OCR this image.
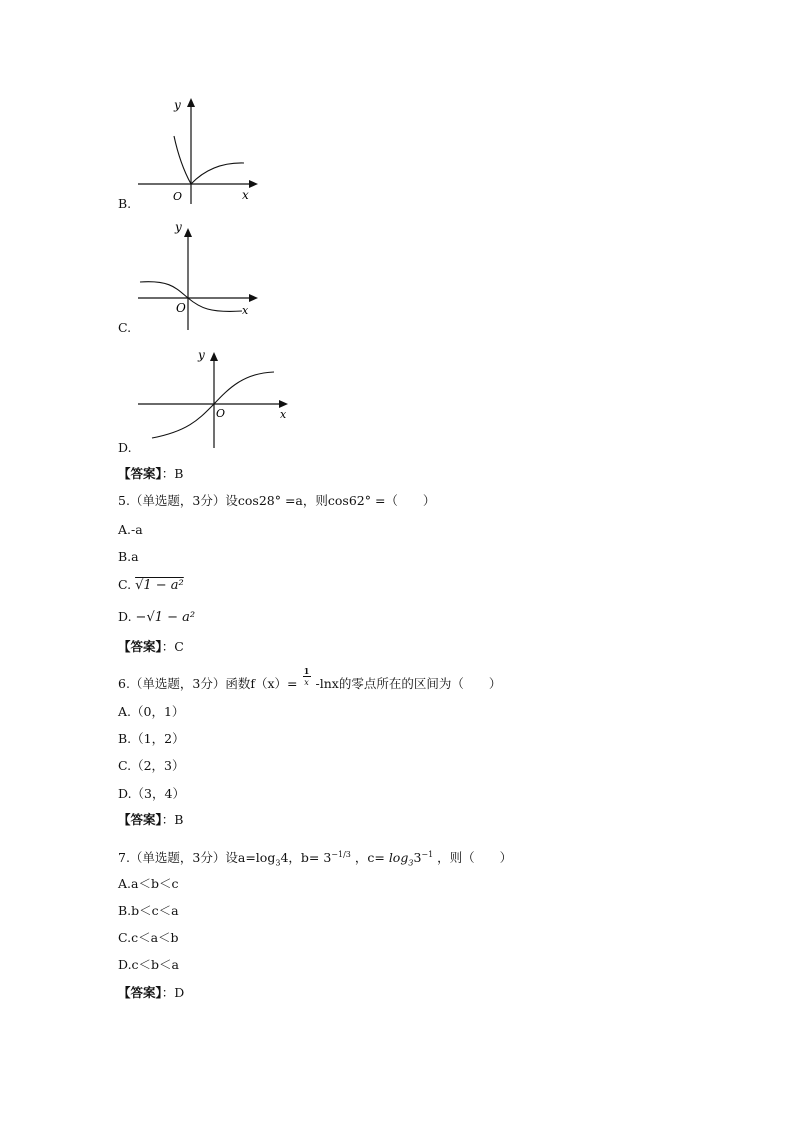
y
x
O
B.
y
x
O
C.
y
x
O
D.
【答案】：B
5.（单选题，3分）设cos28° =a，则cos62° =（　　）
A.-a
B.a
C. √1 − a²
D. −√1 − a²
【答案】：C
6.（单选题，3分）函数$f(x)= \frac{1}{x} -\ln x$的零点所在的区间为（　　）
A.（0，1）
B.（1，2）
C.（2，3）
D.（3，4）
【答案】：B
7.（单选题，3分）设$a=\log_34$，$b= 3^{-1/3}$ ，$c= \log_33^{-1}$ ，则（　　）
A.a＜b＜c
B.b＜c＜a
C.c＜a＜b
D.c＜b＜a
【答案】：D
